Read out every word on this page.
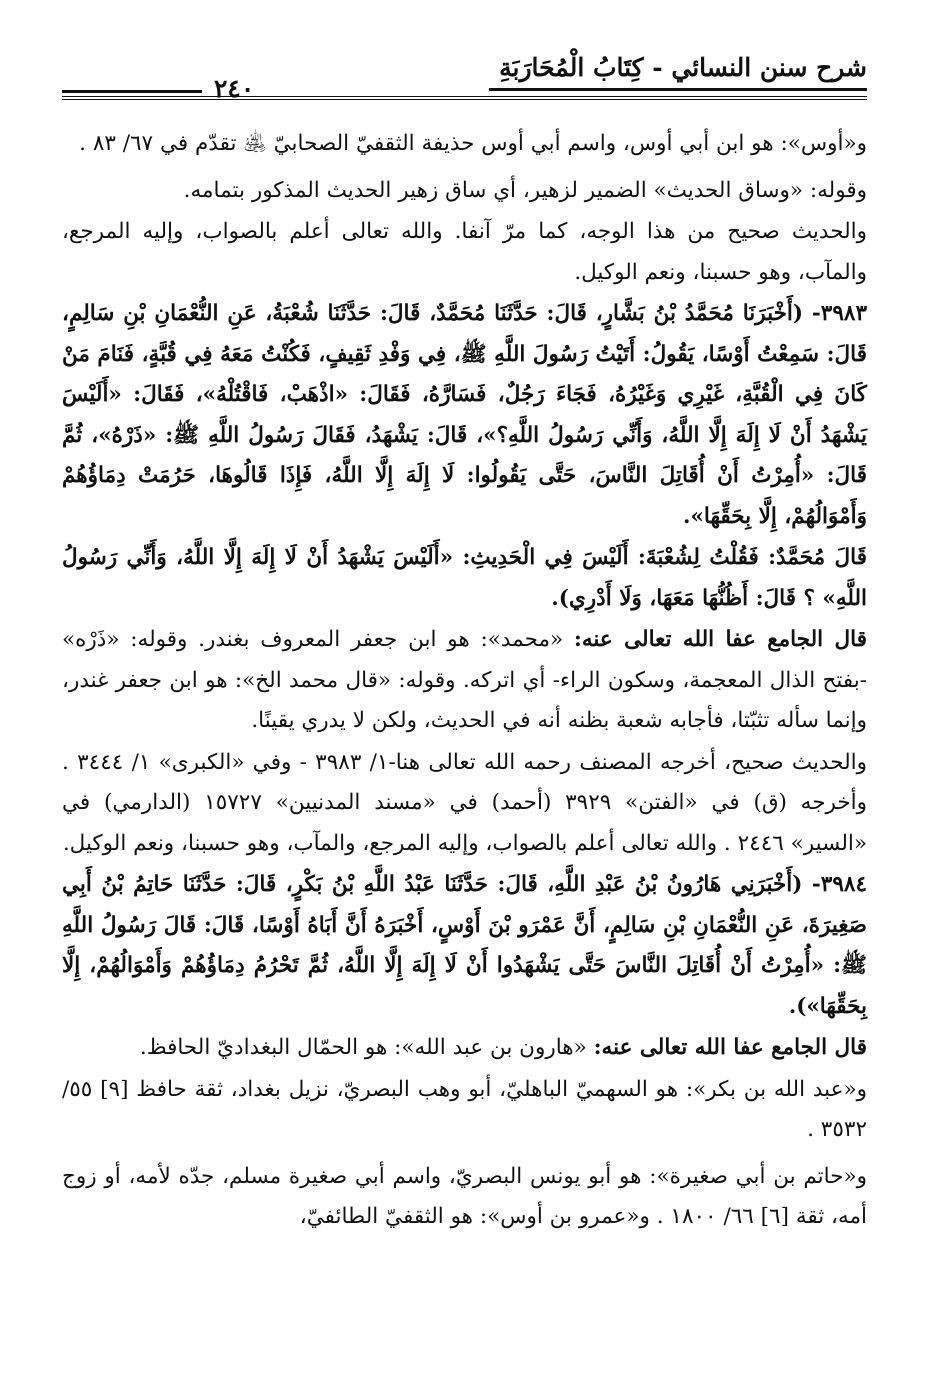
شرح سنن النسائي - كِتَابُ الْمُحَارَبَةِ
٢٤٠

و«أوس»: هو ابن أبي أوس، واسم أبي أوس حذيفة الثقفيّ الصحابيّ ﵁ تقدّم في ٦٧/ ٨٣ .

وقوله: «وساق الحديث» الضمير لزهير، أي ساق زهير الحديث المذكور بتمامه.

والحديث صحيح من هذا الوجه، كما مرّ آنفا. والله تعالى أعلم بالصواب، وإليه المرجع، والمآب، وهو حسبنا، ونعم الوكيل.

٣٩٨٣- (أَخْبَرَنَا مُحَمَّدُ بْنُ بَشَّارٍ، قَالَ: حَدَّثَنَا مُحَمَّدٌ، قَالَ: حَدَّثَنَا شُعْبَةُ، عَنِ النُّعْمَانِ بْنِ سَالِمٍ، قَالَ: سَمِعْتُ أَوْسًا، يَقُولُ: أَتَيْتُ رَسُولَ اللَّهِ ﷺ، فِي وَفْدِ ثَقِيفٍ، فَكُنْتُ مَعَهُ فِي قُبَّةٍ، فَنَامَ مَنْ كَانَ فِي الْقُبَّةِ، غَيْرِي وَغَيْرُهُ، فَجَاءَ رَجُلٌ، فَسَارَّهُ، فَقَالَ: «اذْهَبْ، فَاقْتُلْهُ»، فَقَالَ: «أَلَيْسَ يَشْهَدُ أَنْ لَا إِلَهَ إِلَّا اللَّهُ، وَأَنِّي رَسُولُ اللَّهِ؟»، قَالَ: يَشْهَدُ، فَقَالَ رَسُولُ اللَّهِ ﷺ: «ذَرْهُ»، ثُمَّ قَالَ: «أُمِرْتُ أَنْ أُقَاتِلَ النَّاسَ، حَتَّى يَقُولُوا: لَا إِلَهَ إِلَّا اللَّهُ، فَإِذَا قَالُوهَا، حَرُمَتْ دِمَاؤُهُمْ وَأَمْوَالُهُمْ، إِلَّا بِحَقِّهَا».

قَالَ مُحَمَّدٌ: فَقُلْتُ لِشُعْبَةَ: أَلَيْسَ فِي الْحَدِيثِ: «أَلَيْسَ يَشْهَدُ أَنْ لَا إِلَهَ إِلَّا اللَّهُ، وَأَنِّي رَسُولُ اللَّهِ» ؟ قَالَ: أَظُنُّهَا مَعَهَا، وَلَا أَدْرِي).

قال الجامع عفا الله تعالى عنه: «محمد»: هو ابن جعفر المعروف بغندر. وقوله: «ذَرْه» -بفتح الذال المعجمة، وسكون الراء- أي اتركه. وقوله: «قال محمد الخ»: هو ابن جعفر غندر، وإنما سأله تثبّتا، فأجابه شعبة بظنه أنه في الحديث، ولكن لا يدري يقينًا.

والحديث صحيح، أخرجه المصنف رحمه الله تعالى هنا-١/ ٣٩٨٣ - وفي «الكبرى» ١/ ٣٤٤٤ . وأخرجه (ق) في «الفتن» ٣٩٢٩ (أحمد) في «مسند المدنيين» ١٥٧٢٧ (الدارمي) في «السير» ٢٤٤٦ . والله تعالى أعلم بالصواب، وإليه المرجع، والمآب، وهو حسبنا، ونعم الوكيل.

٣٩٨٤- (أَخْبَرَنِي هَارُونُ بْنُ عَبْدِ اللَّهِ، قَالَ: حَدَّثَنَا عَبْدُ اللَّهِ بْنُ بَكْرٍ، قَالَ: حَدَّثَنَا حَاتِمُ بْنُ أَبِي صَغِيرَةَ، عَنِ النُّعْمَانِ بْنِ سَالِمٍ، أَنَّ عَمْرَو بْنَ أَوْسٍ، أَخْبَرَهُ أَنَّ أَبَاهُ أَوْسًا، قَالَ: قَالَ رَسُولُ اللَّهِ ﷺ: «أُمِرْتُ أَنْ أُقَاتِلَ النَّاسَ حَتَّى يَشْهَدُوا أَنْ لَا إِلَهَ إِلَّا اللَّهُ، ثُمَّ تَحْرُمُ دِمَاؤُهُمْ وَأَمْوَالُهُمْ، إِلَّا بِحَقِّهَا»).

قال الجامع عفا الله تعالى عنه: «هارون بن عبد الله»: هو الحمّال البغداديّ الحافظ.

و«عبد الله بن بكر»: هو السهميّ الباهليّ، أبو وهب البصريّ، نزيل بغداد، ثقة حافظ [٩] ٥٥/ ٣٥٣٢ .

و«حاتم بن أبي صغيرة»: هو أبو يونس البصريّ، واسم أبي صغيرة مسلم، جدّه لأمه، أو زوج أمه، ثقة [٦] ٦٦/ ١٨٠٠ . و«عمرو بن أوس»: هو الثقفيّ الطائفيّ،
